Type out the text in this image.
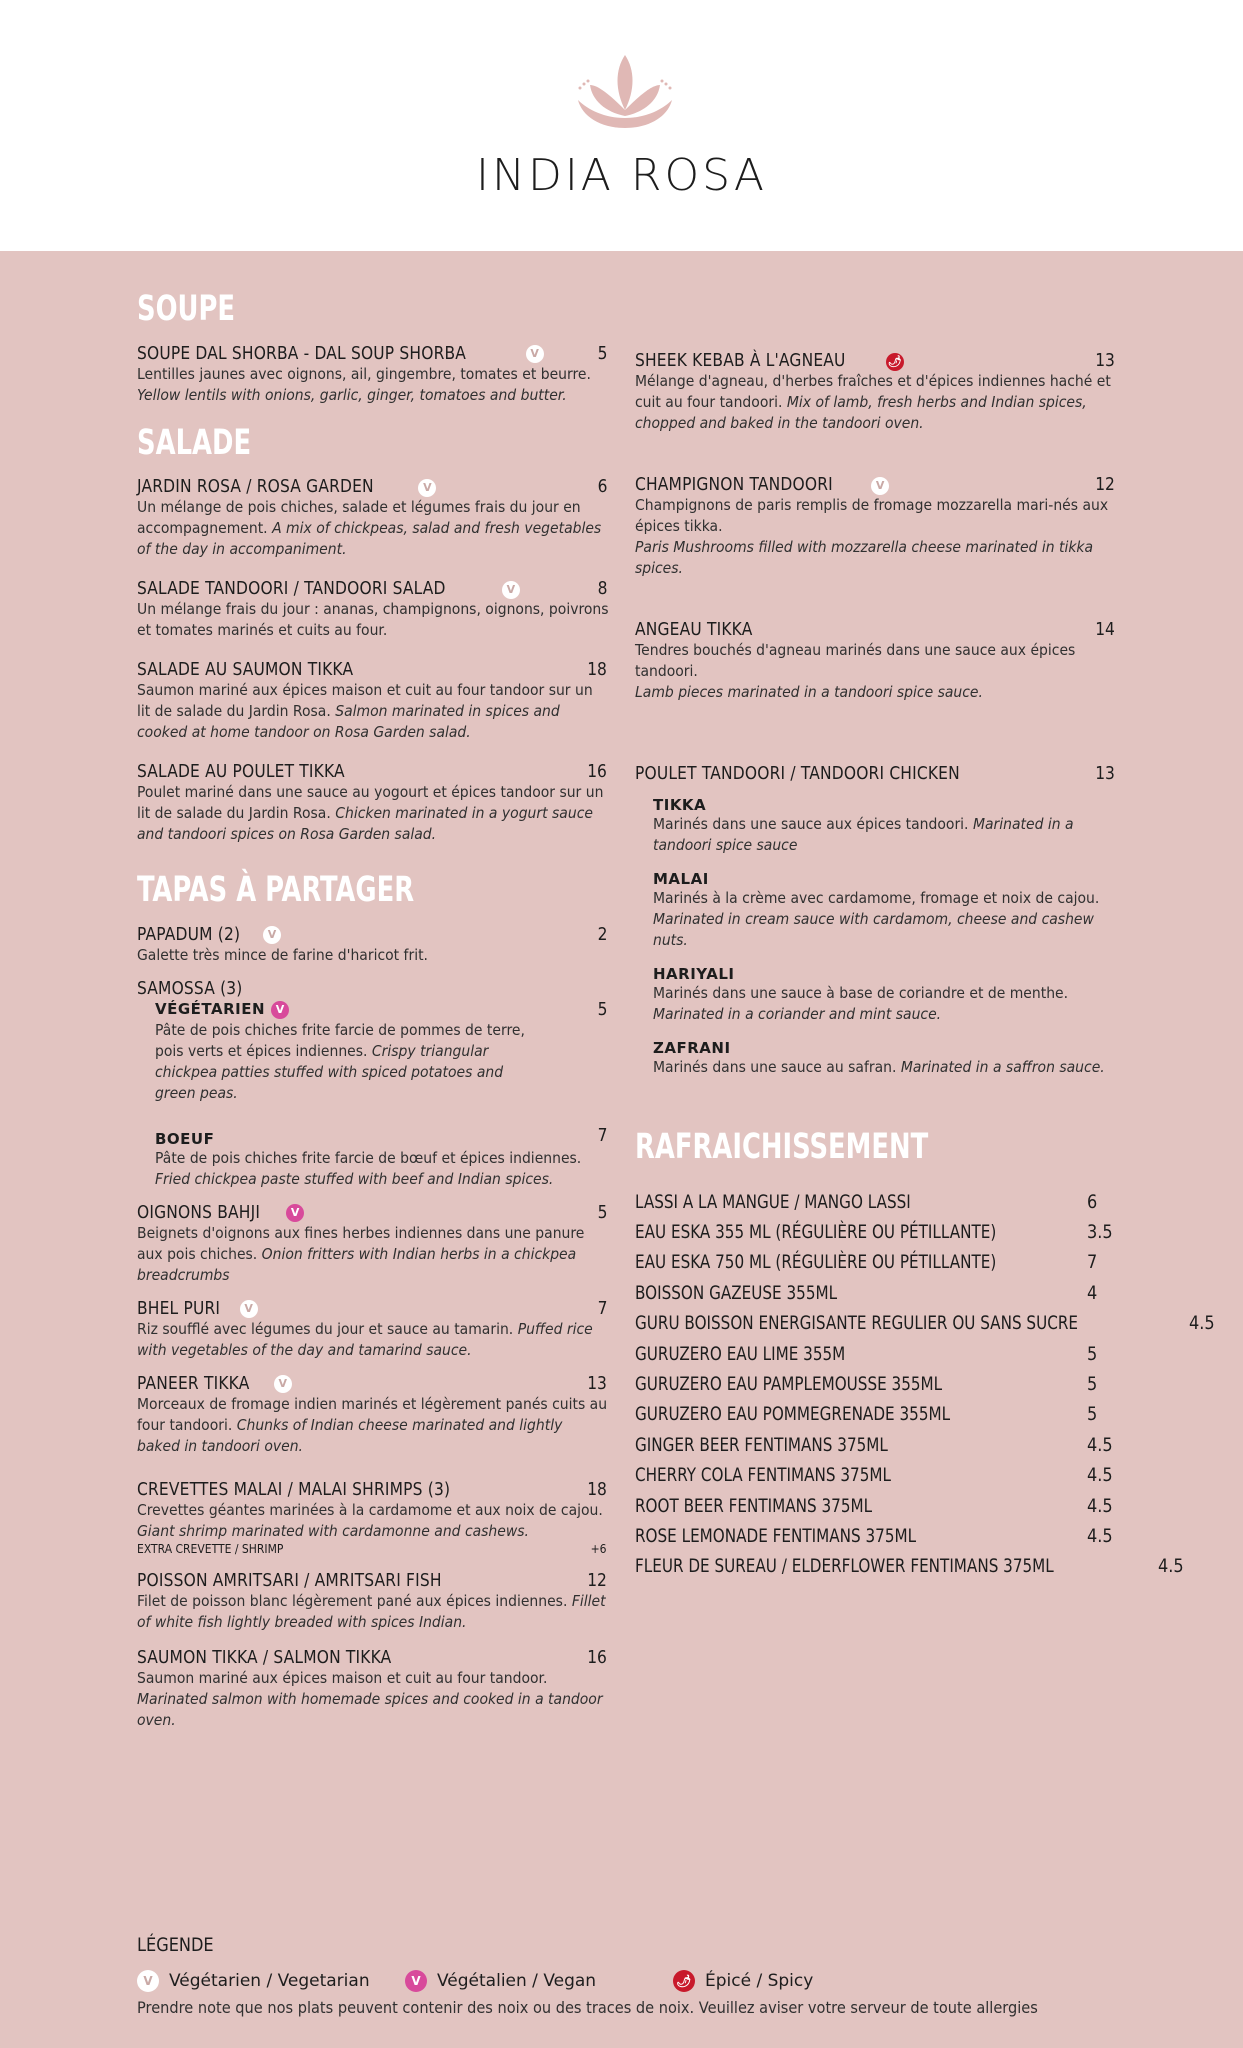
INDIA ROSA
SOUPE
SOUPE DAL SHORBA - DAL SOUP SHORBA	V	5
Lentilles jaunes avec oignons, ail, gingembre, tomates et beurre. Yellow lentils with onions, garlic, ginger, tomatoes and butter.
SALADE
JARDIN ROSA / ROSA GARDEN	V	6
Un mélange de pois chiches, salade et légumes frais du jour en accompagnement. A mix of chickpeas, salad and fresh vegetables of the day in accompaniment.
SALADE TANDOORI / TANDOORI SALAD	V	8
Un mélange frais du jour : ananas, champignons, oignons, poivrons et tomates marinés et cuits au four.
SALADE AU SAUMON TIKKA	18
Saumon mariné aux épices maison et cuit au four tandoor sur un lit de salade du Jardin Rosa. Salmon marinated in spices and cooked at home tandoor on Rosa Garden salad.
SALADE AU POULET TIKKA	16
Poulet mariné dans une sauce au yogourt et épices tandoor sur un lit de salade du Jardin Rosa. Chicken marinated in a yogurt sauce and tandoori spices on Rosa Garden salad.
TAPAS À PARTAGER
PAPADUM (2)	V	2
Galette très mince de farine d'haricot frit.
SAMOSSA (3)
VÉGÉTARIEN V	5
Pâte de pois chiches frite farcie de pommes de terre, pois verts et épices indiennes. Crispy triangular chickpea patties stuffed with spiced potatoes and green peas.
BOEUF	7
Pâte de pois chiches frite farcie de bœuf et épices indiennes. Fried chickpea paste stuffed with beef and Indian spices.
OIGNONS BAHJI	V	5
Beignets d'oignons aux fines herbes indiennes dans une panure aux pois chiches. Onion fritters with Indian herbs in a chickpea breadcrumbs
BHEL PURI V	7
Riz soufflé avec légumes du jour et sauce au tamarin. Puffed rice with vegetables of the day and tamarind sauce.
PANEER TIKKA	V	13
Morceaux de fromage indien marinés et légèrement panés cuits au four tandoori. Chunks of Indian cheese marinated and lightly baked in tandoori oven.
CREVETTES MALAI / MALAI SHRIMPS (3)	18
Crevettes géantes marinées à la cardamome et aux noix de cajou. Giant shrimp marinated with cardamonne and cashews.
EXTRA CREVETTE / SHRIMP	+6
POISSON AMRITSARI / AMRITSARI FISH	12
Filet de poisson blanc légèrement pané aux épices indiennes. Fillet of white fish lightly breaded with spices Indian.
SAUMON TIKKA / SALMON TIKKA	16
Saumon mariné aux épices maison et cuit au four tandoor. Marinated salmon with homemade spices and cooked in a tandoor oven.
SHEEK KEBAB À L'AGNEAU	🌶	13
Mélange d'agneau, d'herbes fraîches et d'épices indiennes haché et cuit au four tandoori. Mix of lamb, fresh herbs and Indian spices, chopped and baked in the tandoori oven.
CHAMPIGNON TANDOORI	V	12
Champignons de paris remplis de fromage mozzarella mari-nés aux épices tikka.
Paris Mushrooms filled with mozzarella cheese marinated in tikka spices.
ANGEAU TIKKA	14
Tendres bouchés d'agneau marinés dans une sauce aux épices tandoori.
Lamb pieces marinated in a tandoori spice sauce.
POULET TANDOORI / TANDOORI CHICKEN	13
TIKKA
Marinés dans une sauce aux épices tandoori. Marinated in a tandoori spice sauce
MALAI
Marinés à la crème avec cardamome, fromage et noix de cajou. Marinated in cream sauce with cardamom, cheese and cashew nuts.
HARIYALI
Marinés dans une sauce à base de coriandre et de menthe.
Marinated in a coriander and mint sauce.
ZAFRANI
Marinés dans une sauce au safran. Marinated in a saffron sauce.
RAFRAICHISSEMENT
LASSI A LA MANGUE / MANGO LASSI	6
EAU ESKA 355 ML (RÉGULIÈRE OU PÉTILLANTE)	3.5
EAU ESKA 750 ML (RÉGULIÈRE OU PÉTILLANTE)	7
BOISSON GAZEUSE 355ML	4
GURU BOISSON ENERGISANTE REGULIER OU SANS SUCRE	4.5
GURUZERO EAU LIME 355M	5
GURUZERO EAU PAMPLEMOUSSE 355ML	5
GURUZERO EAU POMMEGRENADE 355ML	5
GINGER BEER FENTIMANS 375ML	4.5
CHERRY COLA FENTIMANS 375ML	4.5
ROOT BEER FENTIMANS 375ML	4.5
ROSE LEMONADE FENTIMANS 375ML	4.5
FLEUR DE SUREAU / ELDERFLOWER FENTIMANS 375ML	4.5
LÉGENDE
V Végétarien / Vegetarian	V Végétalien / Vegan	🌶 Épicé / Spicy
Prendre note que nos plats peuvent contenir des noix ou des traces de noix. Veuillez aviser votre serveur de toute allergies
